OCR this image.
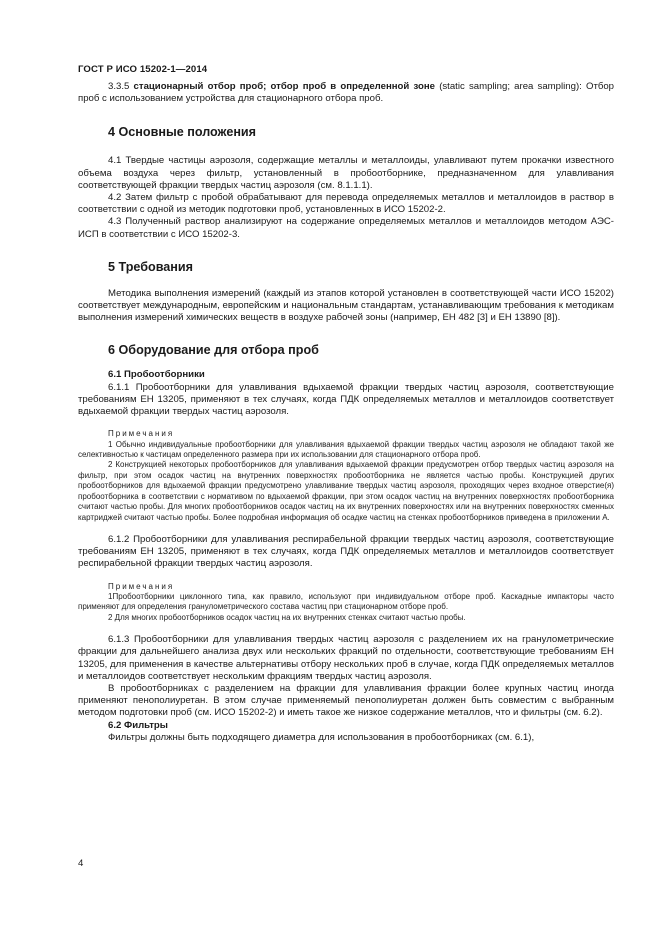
ГОСТ Р ИСО 15202-1—2014

3.3.5 стационарный отбор проб; отбор проб в определенной зоне (static sampling; area sampling): Отбор проб с использованием устройства для стационарного отбора проб.

4 Основные положения

4.1 Твердые частицы аэрозоля, содержащие металлы и металлоиды, улавливают путем прокачки известного объема воздуха через фильтр, установленный в пробоотборнике, предназначенном для улавливания соответствующей фракции твердых частиц аэрозоля (см. 8.1.1.1).

4.2 Затем фильтр с пробой обрабатывают для перевода определяемых металлов и металлоидов в раствор в соответствии с одной из методик подготовки проб, установленных в ИСО 15202-2.

4.3 Полученный раствор анализируют на содержание определяемых металлов и металлоидов методом АЭС-ИСП в соответствии с ИСО 15202-3.

5 Требования

Методика выполнения измерений (каждый из этапов которой установлен в соответствующей части ИСО 15202) соответствует международным, европейским и национальным стандартам, устанавливающим требования к методикам выполнения измерений химических веществ в воздухе рабочей зоны (например, ЕН 482 [3] и ЕН 13890 [8]).

6 Оборудование для отбора проб
6.1 Пробоотборники

6.1.1 Пробоотборники для улавливания вдыхаемой фракции твердых частиц аэрозоля, соответствующие требованиям ЕН 13205, применяют в тех случаях, когда ПДК определяемых металлов и металлоидов соответствует вдыхаемой фракции твердых частиц аэрозоля.

Примечания

1 Обычно индивидуальные пробоотборники для улавливания вдыхаемой фракции твердых частиц аэрозоля не обладают такой же селективностью к частицам определенного размера при их использовании для стационарного отбора проб.

2 Конструкцией некоторых пробоотборников для улавливания вдыхаемой фракции предусмотрен отбор твердых частиц аэрозоля на фильтр, при этом осадок частиц на внутренних поверхностях пробоотборника не является частью пробы. Конструкцией других пробоотборников для вдыхаемой фракции предусмотрено улавливание твердых частиц аэрозоля, проходящих через входное отверстие(я) пробоотборника в соответствии с нормативом по вдыхаемой фракции, при этом осадок частиц на внутренних поверхностях пробоотборника считают частью пробы. Для многих пробоотборников осадок частиц на их внутренних поверхностях или на внутренних поверхностях сменных картриджей считают частью пробы. Более подробная информация об осадке частиц на стенках пробоотборников приведена в приложении А.

6.1.2 Пробоотборники для улавливания респирабельной фракции твердых частиц аэрозоля, соответствующие требованиям ЕН 13205, применяют в тех случаях, когда ПДК определяемых металлов и металлоидов соответствует респирабельной фракции твердых частиц аэрозоля.

Примечания

1Пробоотборники циклонного типа, как правило, используют при индивидуальном отборе проб. Каскадные импакторы часто применяют для определения гранулометрического состава частиц при стационарном отборе проб.

2 Для многих пробоотборников осадок частиц на их внутренних стенках считают частью пробы.

6.1.3 Пробоотборники для улавливания твердых частиц аэрозоля с разделением их на гранулометрические фракции для дальнейшего анализа двух или нескольких фракций по отдельности, соответствующие требованиям ЕН 13205, для применения в качестве альтернативы отбору нескольких проб в случае, когда ПДК определяемых металлов и металлоидов соответствует нескольким фракциям твердых частиц аэрозоля.

В пробоотборниках с разделением на фракции для улавливания фракции более крупных частиц иногда применяют пенополиуретан. В этом случае применяемый пенополиуретан должен быть совместим с выбранным методом подготовки проб (см. ИСО 15202-2) и иметь такое же низкое содержание металлов, что и фильтры (см. 6.2).

6.2 Фильтры

Фильтры должны быть подходящего диаметра для использования в пробоотборниках (см. 6.1),

4
